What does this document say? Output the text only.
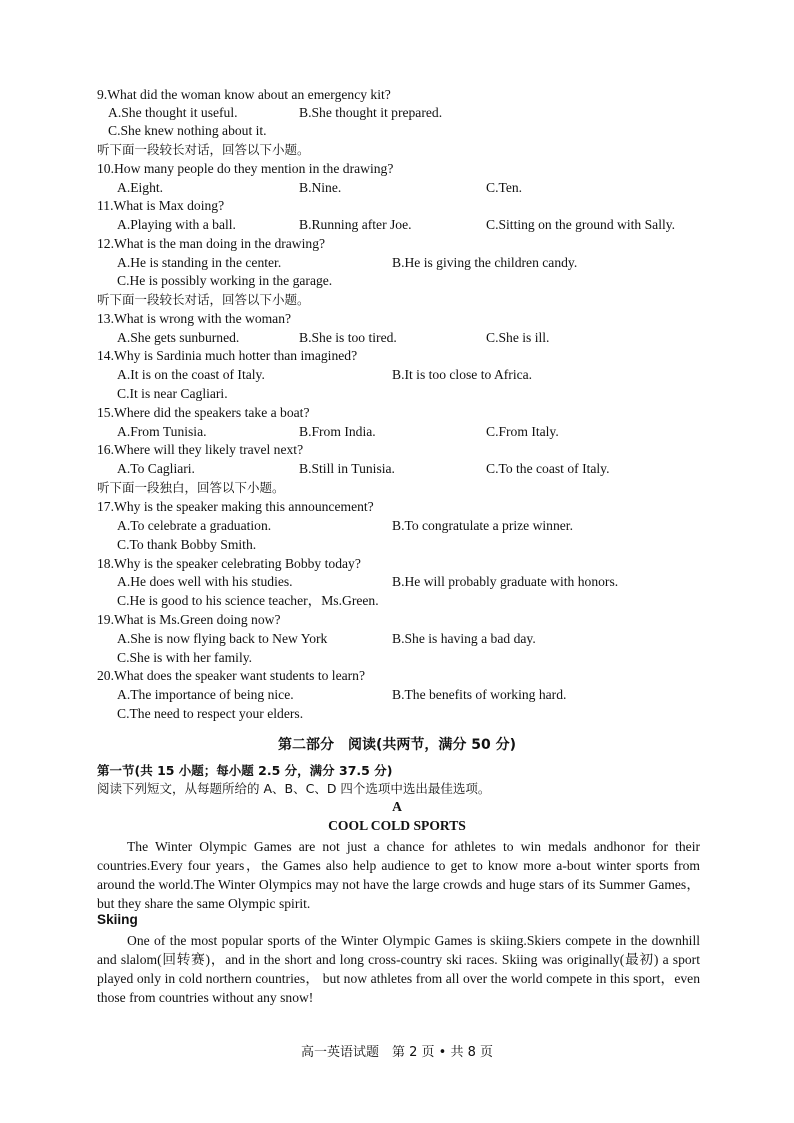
9.What did the woman know about an emergency kit?
A.She thought it useful.	B.She thought it prepared.
C.She knew nothing about it.
听下面一段较长对话，回答以下小题。
10.How many people do they mention in the drawing?
A.Eight.	B.Nine.	C.Ten.
11.What is Max doing?
A.Playing with a ball.	B.Running after Joe.	C.Sitting on the ground with Sally.
12.What is the man doing in the drawing?
A.He is standing in the center.	B.He is giving the children candy.
C.He is possibly working in the garage.
听下面一段较长对话，回答以下小题。
13.What is wrong with the woman?
A.She gets sunburned.	B.She is too tired.	C.She is ill.
14.Why is Sardinia much hotter than imagined?
A.It is on the coast of Italy.	B.It is too close to Africa.
C.It is near Cagliari.
15.Where did the speakers take a boat?
A.From Tunisia.	B.From India.	C.From Italy.
16.Where will they likely travel next?
A.To Cagliari.	B.Still in Tunisia.	C.To the coast of Italy.
听下面一段独白，回答以下小题。
17.Why is the speaker making this announcement?
A.To celebrate a graduation.	B.To congratulate a prize winner.
C.To thank Bobby Smith.
18.Why is the speaker celebrating Bobby today?
A.He does well with his studies.	B.He will probably graduate with honors.
C.He is good to his science teacher，Ms.Green.
19.What is Ms.Green doing now?
A.She is now flying back to New York	B.She is having a bad day.
C.She is with her family.
20.What does the speaker want students to learn?
A.The importance of being nice.	B.The benefits of working hard.
C.The need to respect your elders.
第二部分　阅读(共两节，满分 50 分)
第一节(共 15 小题；每小题 2.5 分，满分 37.5 分)
阅读下列短文，从每题所给的 A、B、C、D 四个选项中选出最佳选项。
A
COOL COLD SPORTS

The Winter Olympic Games are not just a chance for athletes to win medals andhonor for their countries.Every four years，the Games also help audience to get to know more a-bout winter sports from around the world.The Winter Olympics may not have the large crowds and huge stars of its Summer Games，but they share the same Olympic spirit.

Skiing

One of the most popular sports of the Winter Olympic Games is skiing.Skiers compete in the downhill and slalom(回转赛)，and in the short and long cross-country ski races. Skiing was originally(最初) a sport played only in cold northern countries， but now athletes from all over the world compete in this sport，even those from countries without any snow!

高一英语试题　第 2 页 • 共 8 页
